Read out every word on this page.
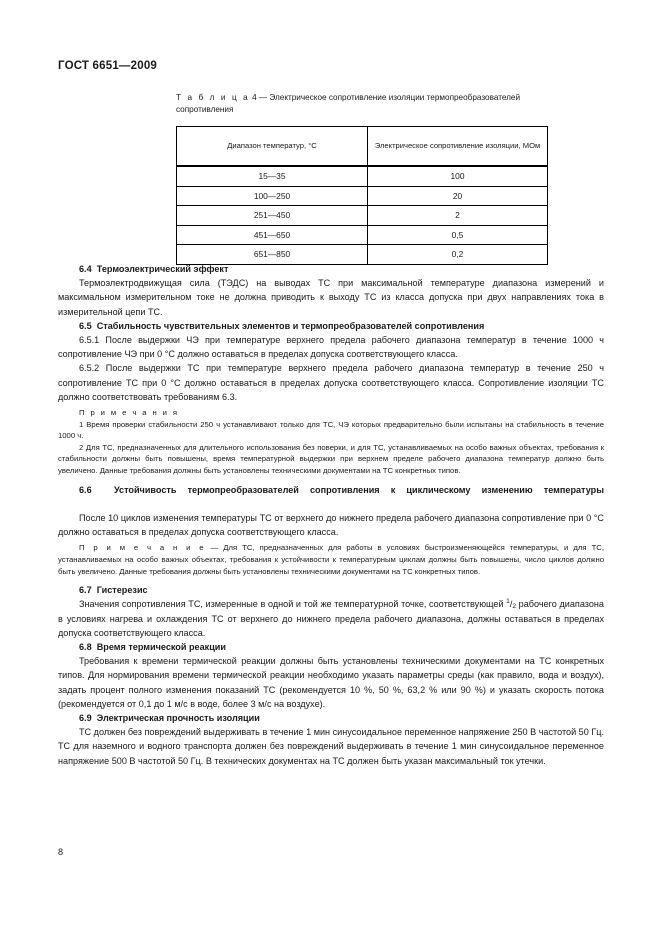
ГОСТ 6651—2009
Т а б л и ц а 4 — Электрическое сопротивление изоляции термопреобразователей сопротивления
Диапазон температур, °С	Электрическое сопротивление изоляции, МОм
15—35	100
100—250	20
251—450	2
451—650	0,5
651—850	0,2
6.4 Термоэлектрический эффект

Термоэлектродвижущая сила (ТЭДС) на выводах ТС при максимальной температуре диапазона измерений и максимальном измерительном токе не должна приводить к выходу ТС из класса допуска при двух направлениях тока в измерительной цепи ТС.

6.5 Стабильность чувствительных элементов и термопреобразователей сопротивления

6.5.1 После выдержки ЧЭ при температуре верхнего предела рабочего диапазона температур в течение 1000 ч сопротивление ЧЭ при 0 °С должно оставаться в пределах допуска соответствующего класса.

6.5.2 После выдержки ТС при температуре верхнего предела рабочего диапазона температур в течение 250 ч сопротивление ТС при 0 °С должно оставаться в пределах допуска соответствующего класса. Сопротивление изоляции ТС должно соответствовать требованиям 6.3.

П р и м е ч а н и я

1 Время проверки стабильности 250 ч устанавливают только для ТС, ЧЭ которых предварительно были испытаны на стабильность в течение 1000 ч.

2 Для ТС, предназначенных для длительного использования без поверки, и для ТС, устанавливаемых на особо важных объектах, требования к стабильности должны быть повышены, время температурной выдержки при верхнем пределе рабочего диапазона температур должно быть увеличено. Данные требования должны быть установлены техническими документами на ТС конкретных типов.

6.6 Устойчивость термопреобразователей сопротивления к циклическому изменению температуры

После 10 циклов изменения температуры ТС от верхнего до нижнего предела рабочего диапазона сопротивление при 0 °С должно оставаться в пределах допуска соответствующего класса.

П р и м е ч а н и е — Для ТС, предназначенных для работы в условиях быстроизменяющейся температуры, и для ТС, устанавливаемых на особо важных объектах, требования к устойчивости к температурным циклам должны быть повышены, число циклов должно быть увеличено. Данные требования должны быть установлены техническими документами на ТС конкретных типов.

6.7 Гистерезис

Значения сопротивления ТС, измеренные в одной и той же температурной точке, соответствующей $^1/_2$ рабочего диапазона в условиях нагрева и охлаждения ТС от верхнего до нижнего предела рабочего диапазона, должны оставаться в пределах допуска соответствующего класса.

6.8 Время термической реакции

Требования к времени термической реакции должны быть установлены техническими документами на ТС конкретных типов. Для нормирования времени термической реакции необходимо указать параметры среды (как правило, вода и воздух), задать процент полного изменения показаний ТС (рекомендуется 10 %, 50 %, 63,2 % или 90 %) и указать скорость потока (рекомендуется от 0,1 до 1 м/с в воде, более 3 м/с на воздухе).

6.9 Электрическая прочность изоляции

ТС должен без повреждений выдерживать в течение 1 мин синусоидальное переменное напряжение 250 В частотой 50 Гц. ТС для наземного и водного транспорта должен без повреждений выдерживать в течение 1 мин синусоидальное переменное напряжение 500 В частотой 50 Гц. В технических документах на ТС должен быть указан максимальный ток утечки.

8
